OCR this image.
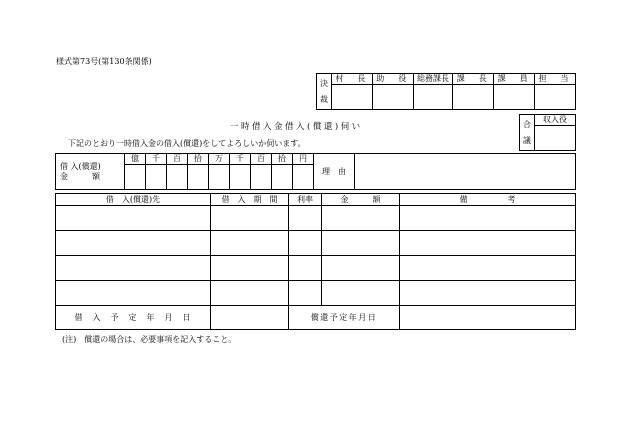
様式第73号(第130条関係)
決
裁	村　長	助　役	総務課長	課　長	課　員	担　当

一時借入金借入(償還)伺い	合
議
	収入役

下記のとおり一時借入金の借入(償還)をしてよろしいか伺います。
借 入(償還)
金　　　額	億	千	百	拾	万	千	百	拾	円	理　由	

借　入(償還)先	借　入　期　間	利率	金　　　額	備　　　　　考

借　入　予　定　年　月　日		償還予定年月日		
(注)　償還の場合は、必要事項を記入すること。
